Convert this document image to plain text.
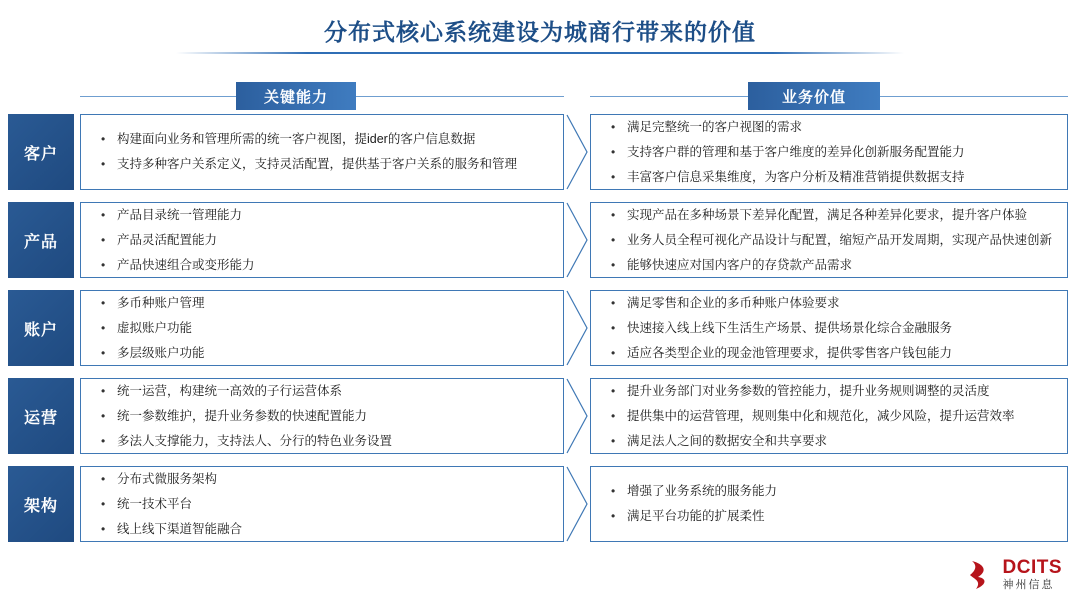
分布式核心系统建设为城商行带来的价值
关键能力	业务价值
客户
• 构建面向业务和管理所需的统一客户视图，提ider的客户信息数据
• 支持多种客户关系定义，支持灵活配置，提供基于客户关系的服务和管理
• 满足完整统一的客户视图的需求
• 支持客户群的管理和基于客户维度的差异化创新服务配置能力
• 丰富客户信息采集维度，为客户分析及精准营销提供数据支持
产品
• 产品目录统一管理能力
• 产品灵活配置能力
• 产品快速组合或变形能力
• 实现产品在多种场景下差异化配置，满足各种差异化要求，提升客户体验
• 业务人员全程可视化产品设计与配置，缩短产品开发周期，实现产品快速创新
• 能够快速应对国内客户的存贷款产品需求
账户
• 多币种账户管理
• 虚拟账户功能
• 多层级账户功能
• 满足零售和企业的多币种账户体验要求
• 快速接入线上线下生活生产场景、提供场景化综合金融服务
• 适应各类型企业的现金池管理要求，提供零售客户钱包能力
运营
• 统一运营，构建统一高效的子行运营体系
• 统一参数维护，提升业务参数的快速配置能力
• 多法人支撑能力，支持法人、分行的特色业务设置
• 提升业务部门对业务参数的管控能力，提升业务规则调整的灵活度
• 提供集中的运营管理，规则集中化和规范化，减少风险，提升运营效率
• 满足法人之间的数据安全和共享要求
架构
• 分布式微服务架构
• 统一技术平台
• 线上线下渠道智能融合
• 增强了业务系统的服务能力
• 满足平台功能的扩展柔性
DCITS
神州信息
